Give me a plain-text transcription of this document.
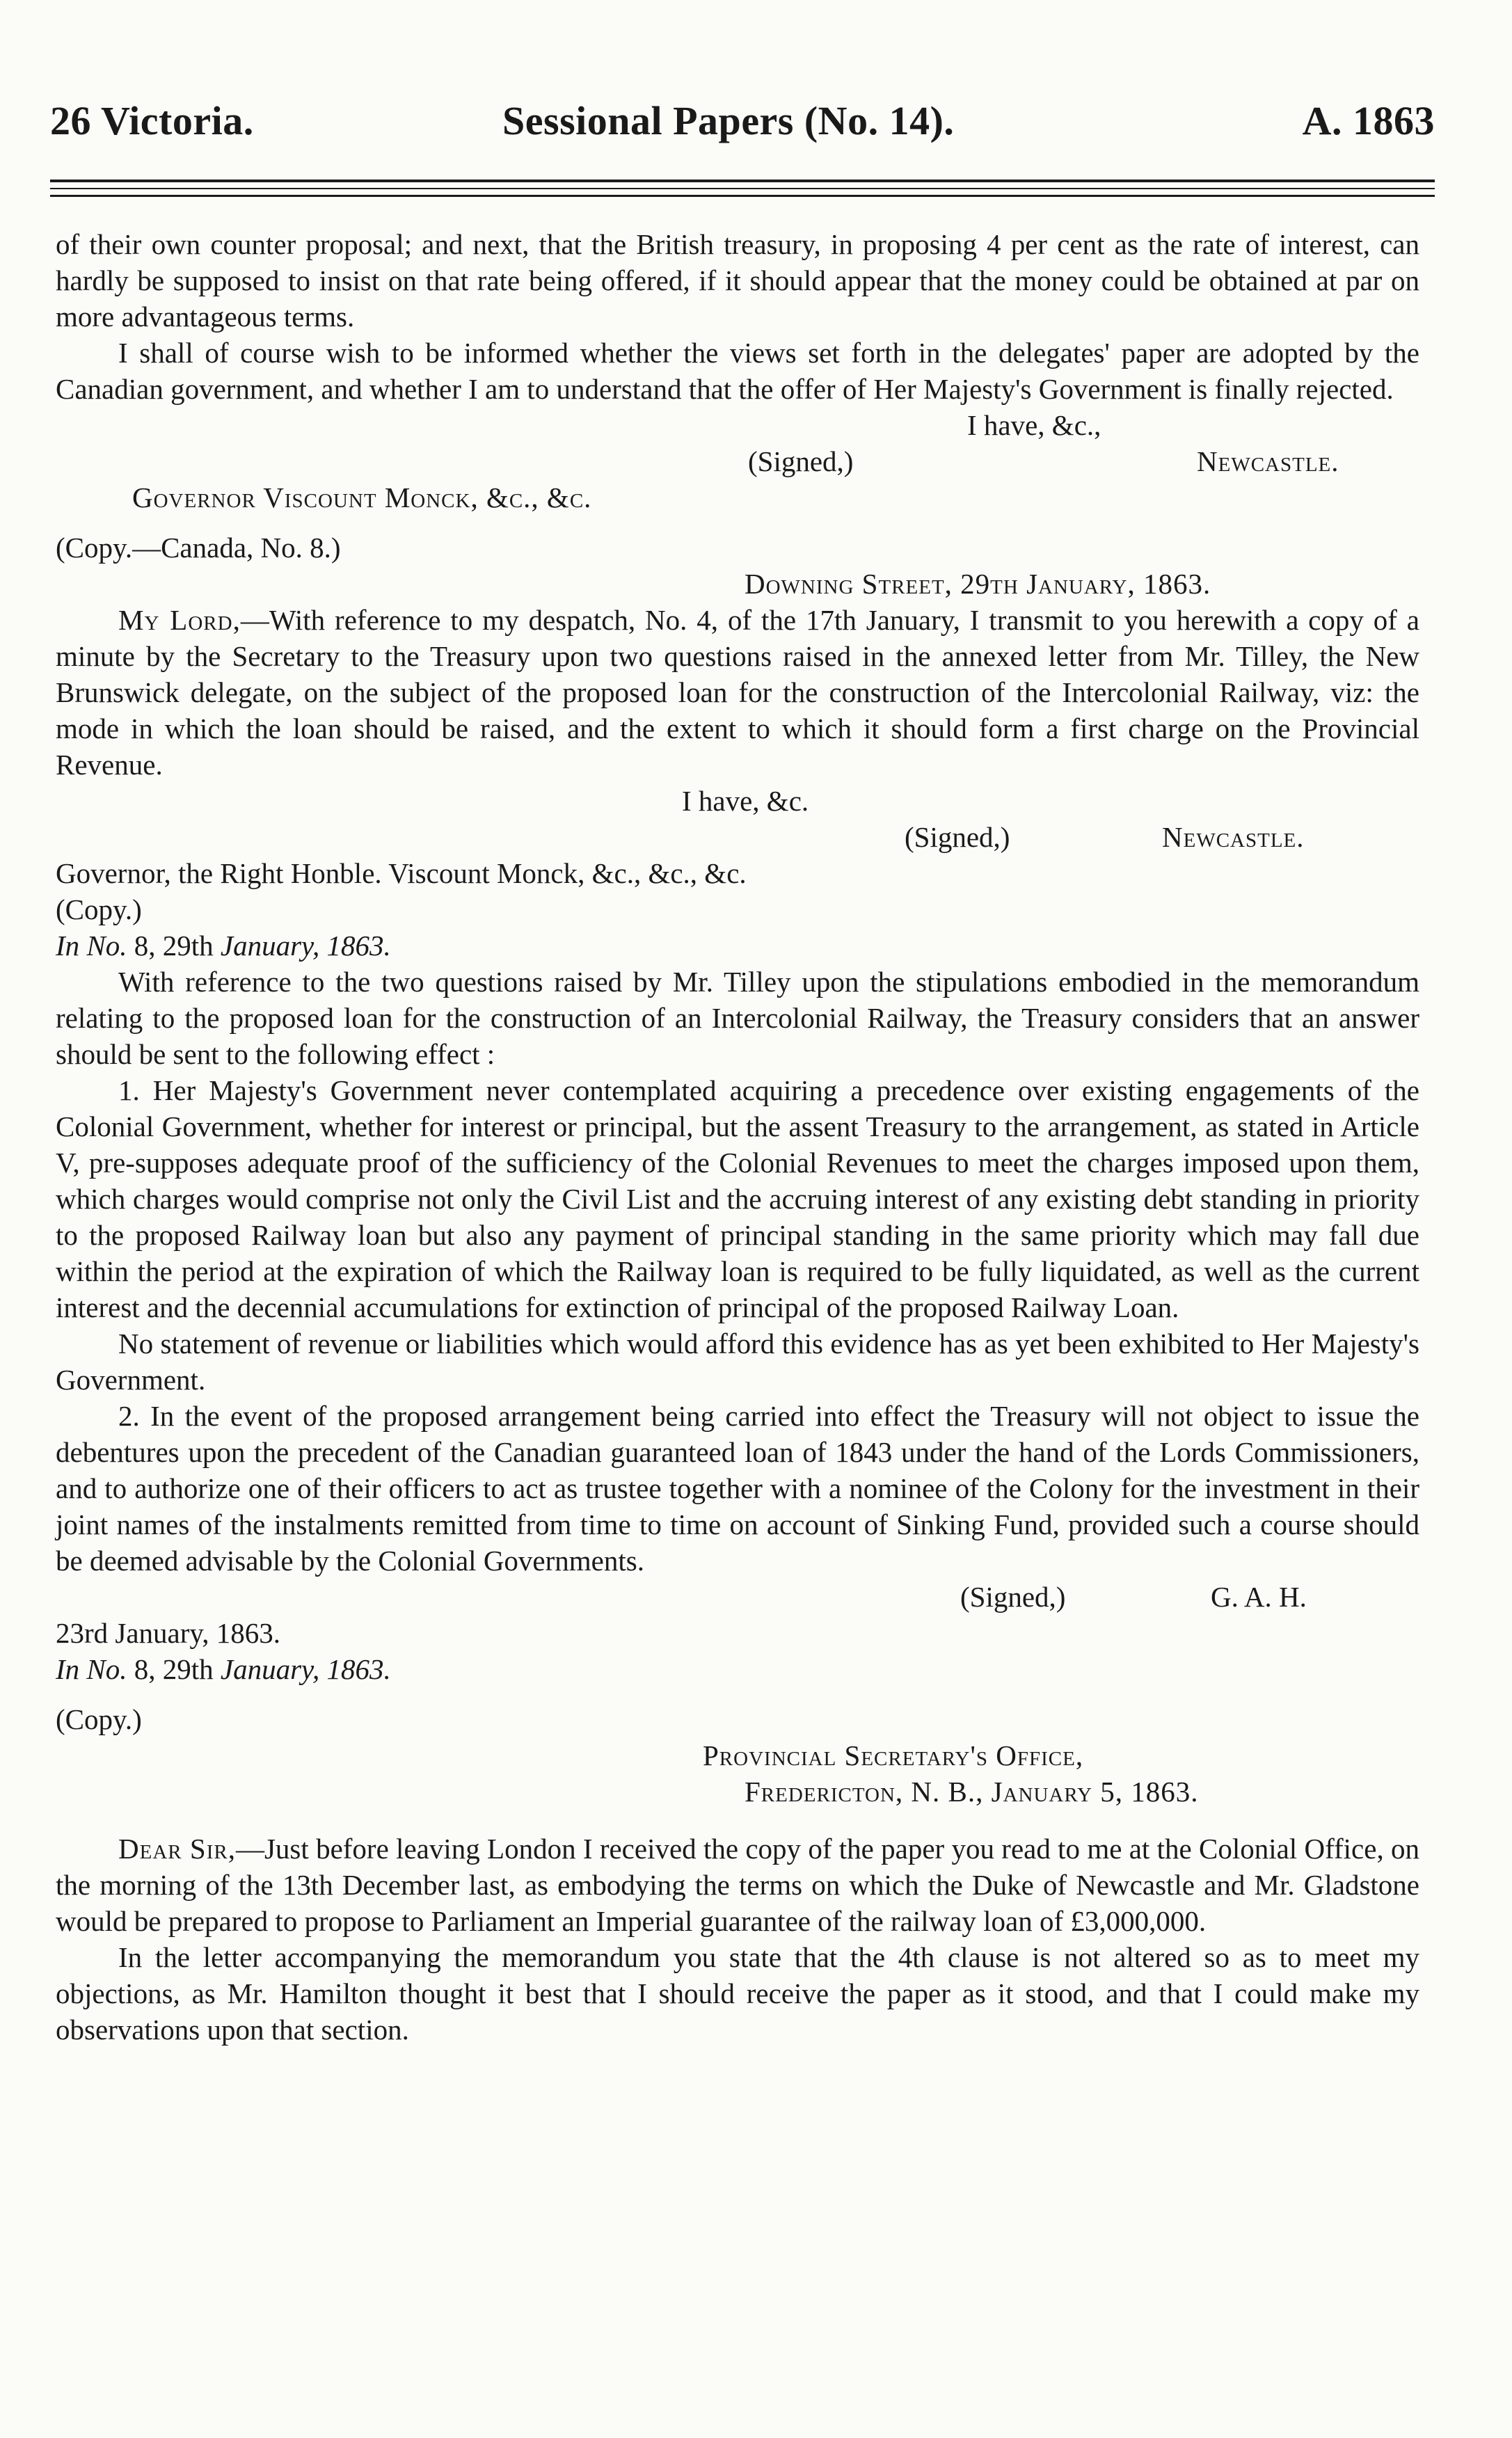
26 Victoria.	Sessional Papers (No. 14).	A. 1863

of their own counter proposal; and next, that the British treasury, in proposing 4 per cent as the rate of interest, can hardly be supposed to insist on that rate being offered, if it should appear that the money could be obtained at par on more advantageous terms.

I shall of course wish to be informed whether the views set forth in the delegates' paper are adopted by the Canadian government, and whether I am to understand that the offer of Her Majesty's Government is finally rejected.

I have, &c.,
(Signed,)	Newcastle.
Governor Viscount Monck, &c., &c.

(Copy.—Canada, No. 8.)

Downing Street, 29th January, 1863.

My Lord,—With reference to my despatch, No. 4, of the 17th January, I transmit to you herewith a copy of a minute by the Secretary to the Treasury upon two questions raised in the annexed letter from Mr. Tilley, the New Brunswick delegate, on the subject of the proposed loan for the construction of the Intercolonial Railway, viz: the mode in which the loan should be raised, and the extent to which it should form a first charge on the Provincial Revenue.

I have, &c.
(Signed,)	Newcastle.

Governor, the Right Honble. Viscount Monck, &c., &c., &c.

(Copy.)

In No. 8, 29th January, 1863.

With reference to the two questions raised by Mr. Tilley upon the stipulations embodied in the memorandum relating to the proposed loan for the construction of an Intercolonial Railway, the Treasury considers that an answer should be sent to the following effect :

1. Her Majesty's Government never contemplated acquiring a precedence over existing engagements of the Colonial Government, whether for interest or principal, but the assent Treasury to the arrangement, as stated in Article V, pre-supposes adequate proof of the sufficiency of the Colonial Revenues to meet the charges imposed upon them, which charges would comprise not only the Civil List and the accruing interest of any existing debt standing in priority to the proposed Railway loan but also any payment of principal standing in the same priority which may fall due within the period at the expiration of which the Railway loan is required to be fully liquidated, as well as the current interest and the decennial accumulations for extinction of principal of the proposed Railway Loan.

No statement of revenue or liabilities which would afford this evidence has as yet been exhibited to Her Majesty's Government.

2. In the event of the proposed arrangement being carried into effect the Treasury will not object to issue the debentures upon the precedent of the Canadian guaranteed loan of 1843 under the hand of the Lords Commissioners, and to authorize one of their officers to act as trustee together with a nominee of the Colony for the investment in their joint names of the instalments remitted from time to time on account of Sinking Fund, provided such a course should be deemed advisable by the Colonial Governments.

(Signed,)	G. A. H.

23rd January, 1863.

In No. 8, 29th January, 1863.

(Copy.)

Provincial Secretary's Office,
Fredericton, N. B., January 5, 1863.

Dear Sir,—Just before leaving London I received the copy of the paper you read to me at the Colonial Office, on the morning of the 13th December last, as embodying the terms on which the Duke of Newcastle and Mr. Gladstone would be prepared to propose to Parliament an Imperial guarantee of the railway loan of £3,000,000.

In the letter accompanying the memorandum you state that the 4th clause is not altered so as to meet my objections, as Mr. Hamilton thought it best that I should receive the paper as it stood, and that I could make my observations upon that section.
